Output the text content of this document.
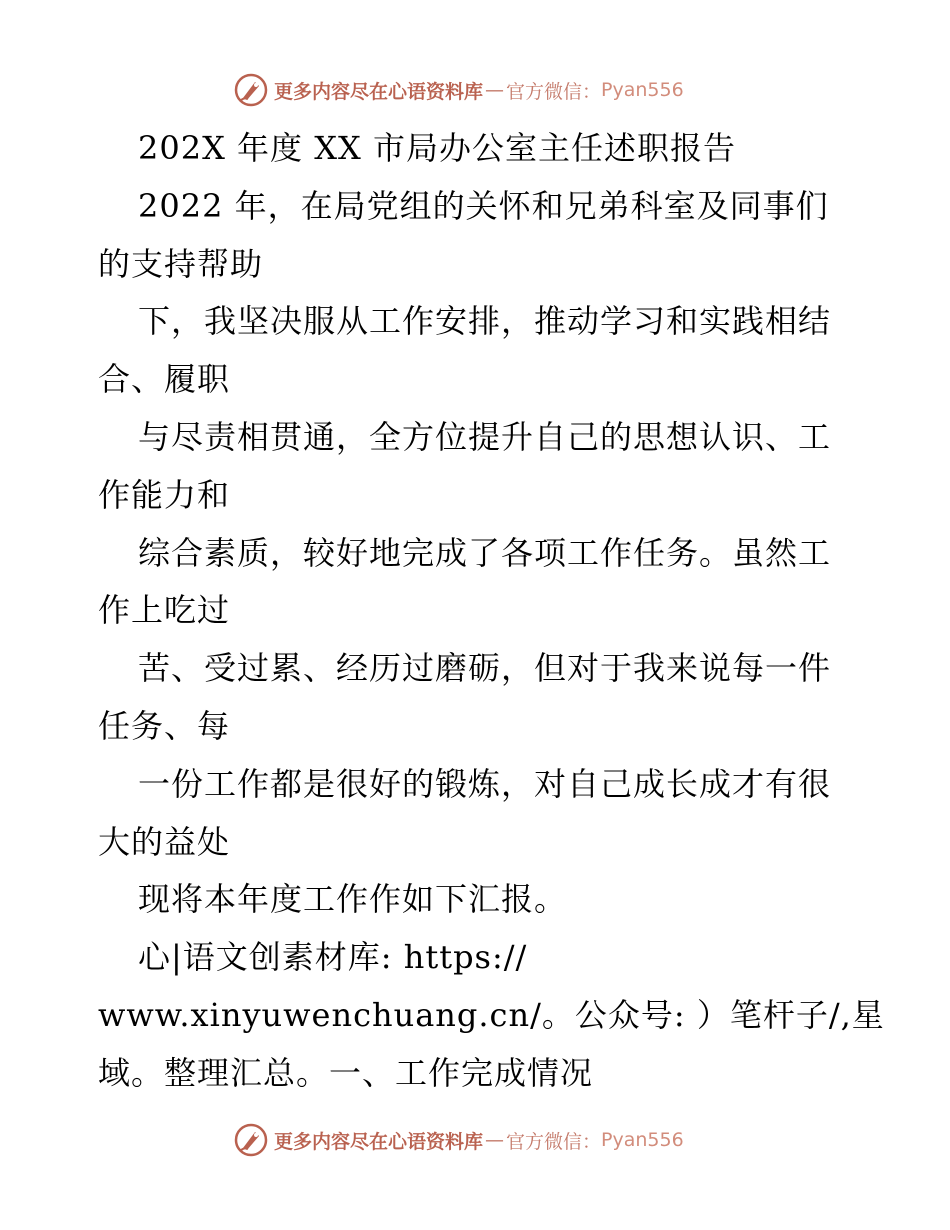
更多内容尽在心语资料库 — 官方微信： Pyan556
202X 年度 XX 市局办公室主任述职报告
2022 年，在局党组的关怀和兄弟科室及同事们
的支持帮助
下，我坚决服从工作安排，推动学习和实践相结
合、履职
与尽责相贯通，全方位提升自己的思想认识、工
作能力和
综合素质，较好地完成了各项工作任务。虽然工
作上吃过
苦、受过累、经历过磨砺，但对于我来说每一件
任务、每
一份工作都是很好的锻炼，对自己成长成才有很
大的益处
现将本年度工作作如下汇报。
心|语文创素材库: https://
www.xinyuwenchuang.cn/。公众号: ）笔杆子/,星
域。整理汇总。一、工作完成情况
更多内容尽在心语资料库 — 官方微信： Pyan556
